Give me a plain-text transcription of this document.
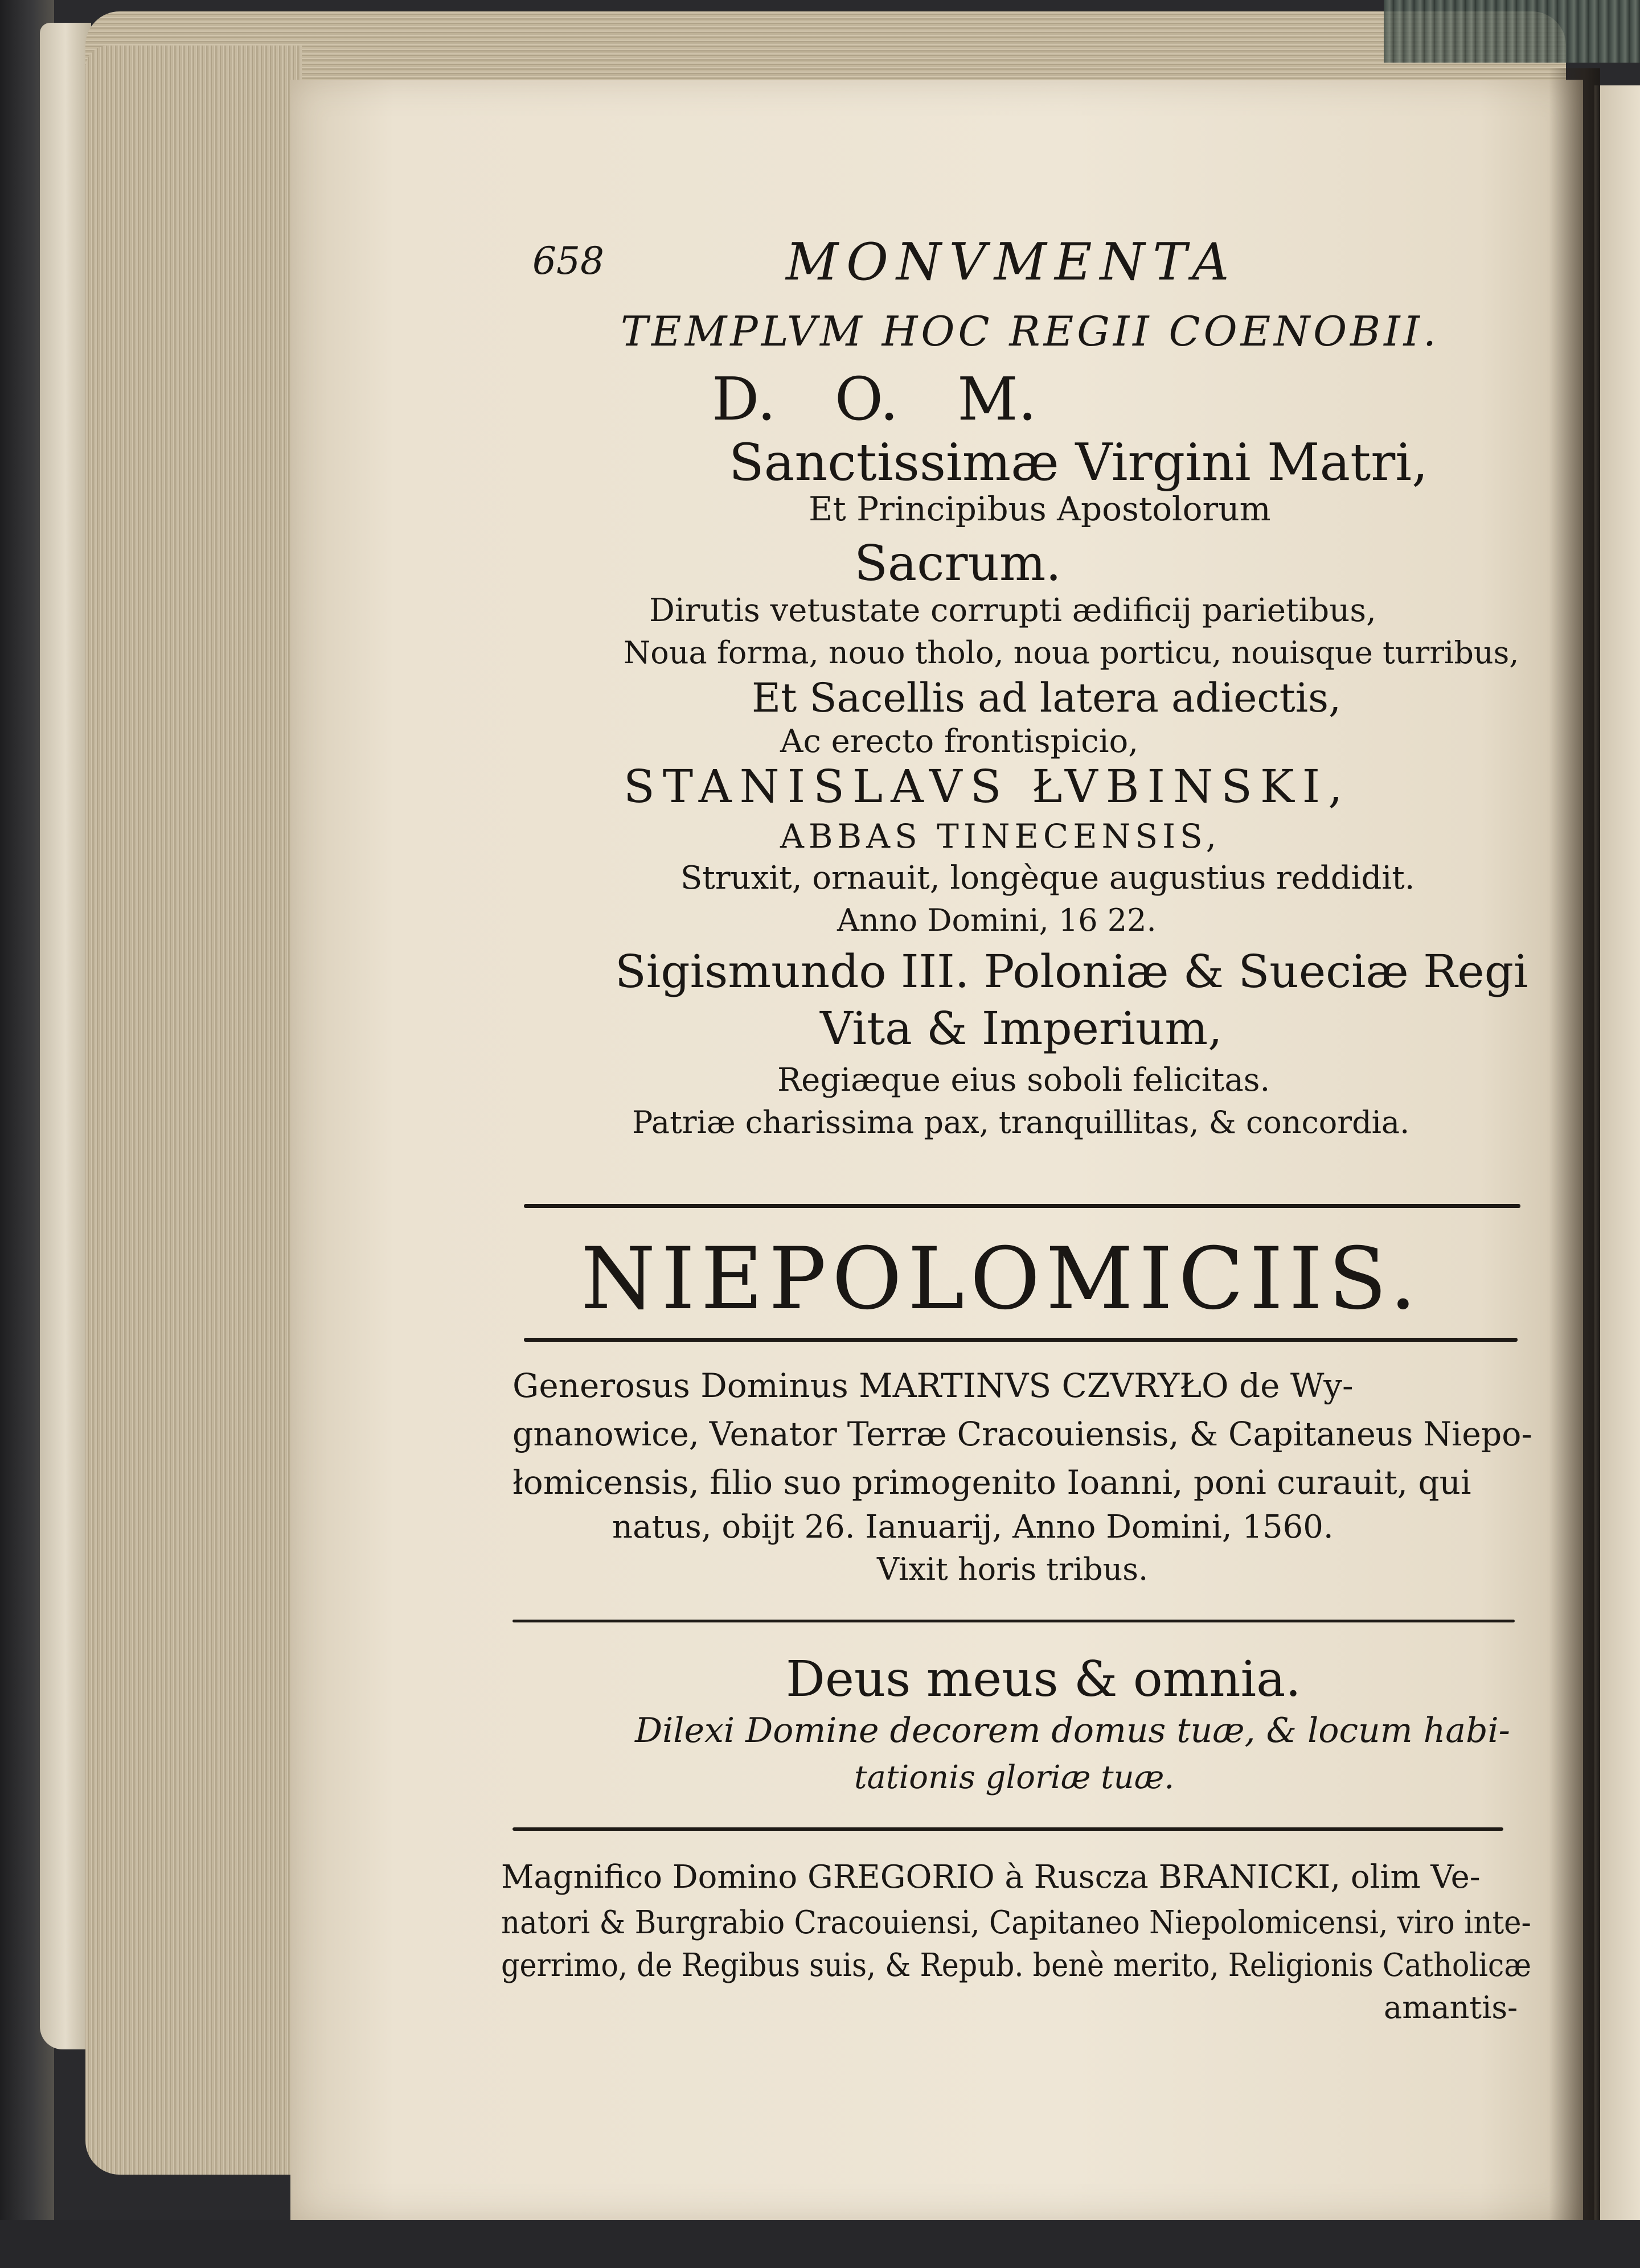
658	MONVMENTA
TEMPLVM HOC REGII COENOBII.
D. O. M.
Sanctissimæ Virgini Matri,
Et Principibus Apostolorum
Sacrum.
Dirutis vetustate corrupti ædificij parietibus,
Noua forma, nouo tholo, noua porticu, nouisque turribus,
Et Sacellis ad latera adiectis,
Ac erecto frontispicio,
STANISLAVS ŁVBINSKI,
ABBAS TINECENSIS,
Struxit, ornauit, longèque augustius reddidit.
Anno Domini, 16 22.
Sigismundo III. Poloniæ & Sueciæ Regi
Vita & Imperium,
Regiæque eius soboli felicitas.
Patriæ charissima pax, tranquillitas, & concordia.
NIEPOLOMICIIS.
Generosus Dominus MARTINVS CZVRYŁO de Wy-
gnanowice, Venator Terræ Cracouiensis, & Capitaneus Niepo-
łomicensis, filio suo primogenito Ioanni, poni curauit, qui
natus, obijt 26. Ianuarij, Anno Domini, 1560.
Vixit horis tribus.
Deus meus & omnia.
Dilexi Domine decorem domus tuæ, & locum habi-
tationis gloriæ tuæ.
Magnifico Domino GREGORIO à Ruscza BRANICKI, olim Ve-
natori & Burgrabio Cracouiensi, Capitaneo Niepolomicensi, viro inte-
gerrimo, de Regibus suis, & Repub. benè merito, Religionis Catholicæ
amantis-
